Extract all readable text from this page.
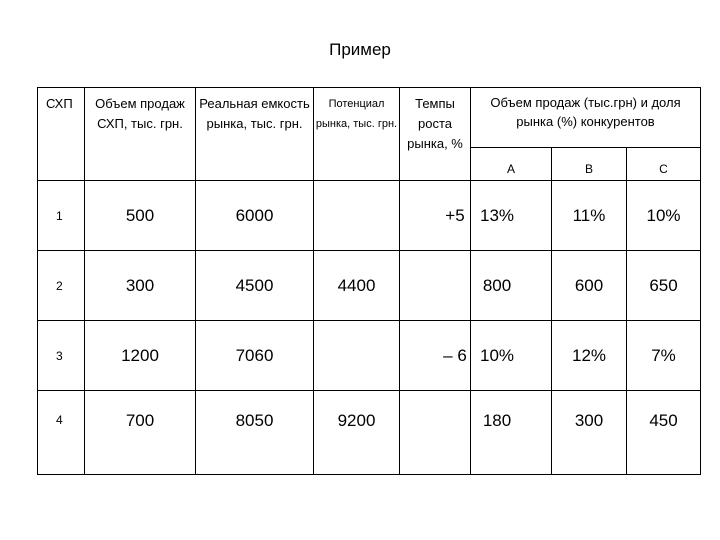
Пример
СХП	Объем продаж СХП, тыс. грн.	Реальная емкость рынка, тыс. грн.	Потенциал рынка, тыс. грн.	Темпы роста рынка, %	Объем продаж (тыс.грн) и доля рынка (%) конкурентов		
					A	B	C
1	500	6000		+5	13%	11%	10%
2	300	4500	4400		800	600	650
3	1200	7060		– 6	10%	12%	7%
4	700	8050	9200		180	300	450
